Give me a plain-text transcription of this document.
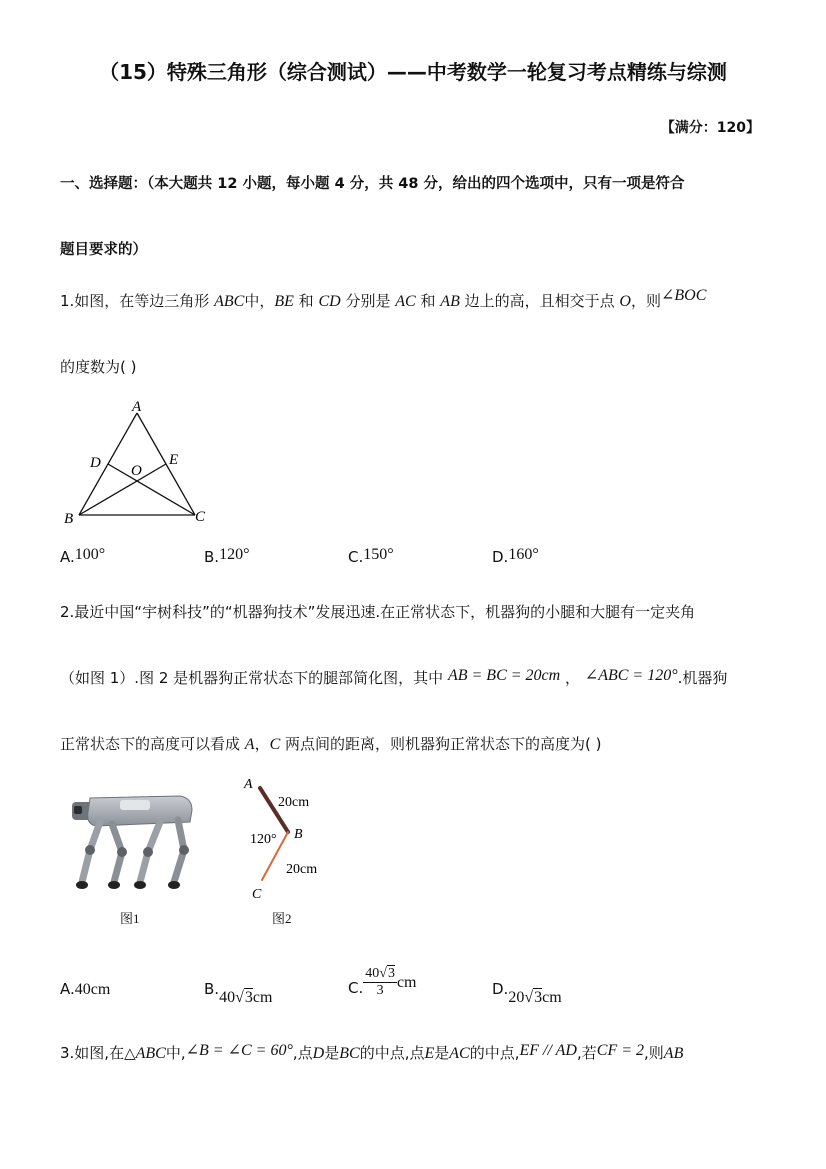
（15）特殊三角形（综合测试）——中考数学一轮复习考点精练与综测
【满分：120】
一、选择题：（本大题共 12 小题，每小题 4 分，共 48 分，给出的四个选项中，只有一项是符合
题目要求的）
1.如图，在等边三角形 ABC中，BE 和 CD 分别是 AC 和 AB 边上的高，且相交于点 O，则∠BOC
的度数为( )
A
D	E
O
B	C
A.100°	B.120°	C.150°	D.160°
2.最近中国“宇树科技”的“机器狗技术”发展迅速.在正常状态下，机器狗的小腿和大腿有一定夹角
（如图 1）.图 2 是机器狗正常状态下的腿部简化图，其中 AB = BC = 20cm ， ∠ABC = 120°.机器狗
正常状态下的高度可以看成 A，C 两点间的距离，则机器狗正常状态下的高度为( )
图1
A
20cm
120° B
20cm
C
图2
A.40cm	B.40√3cm
C. $\frac{40√3}{3}$ cm	D.20√3cm
3.如图,在△ABC中,∠B = ∠C = 60°,点D是BC的中点,点E是AC的中点,EF // AD,若CF = 2,则AB
